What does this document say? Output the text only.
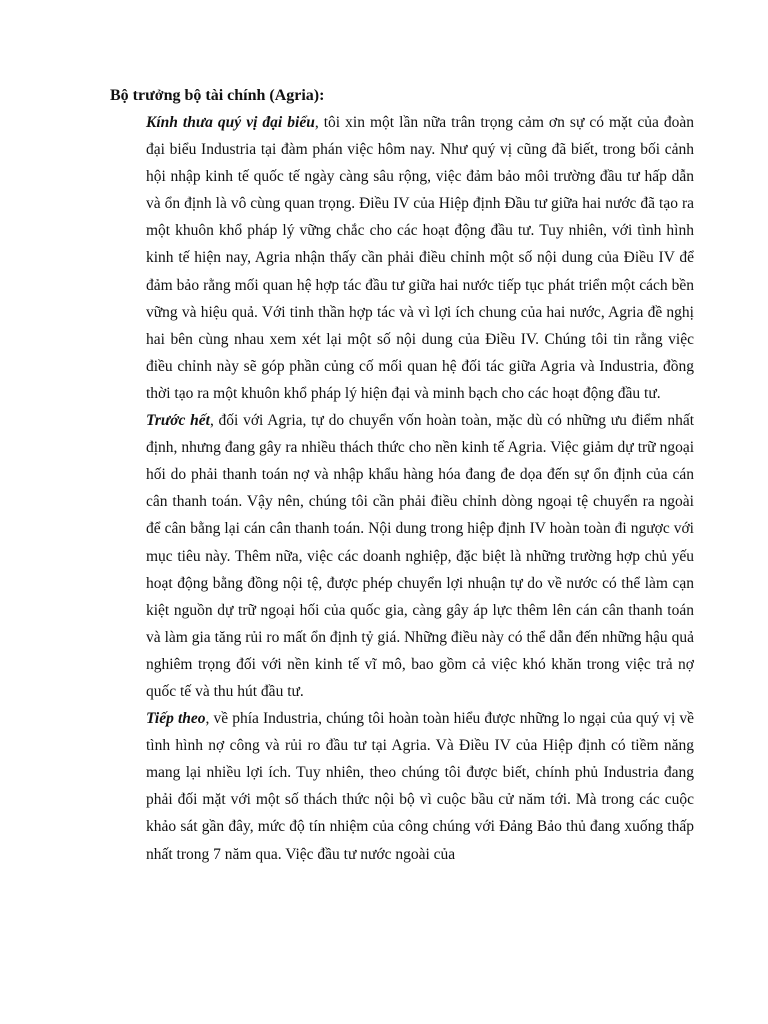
Bộ trưởng bộ tài chính (Agria):

Kính thưa quý vị đại biểu, tôi xin một lần nữa trân trọng cảm ơn sự có mặt của đoàn đại biểu Industria tại đàm phán việc hôm nay. Như quý vị cũng đã biết, trong bối cảnh hội nhập kinh tế quốc tế ngày càng sâu rộng, việc đảm bảo môi trường đầu tư hấp dẫn và ổn định là vô cùng quan trọng. Điều IV của Hiệp định Đầu tư giữa hai nước đã tạo ra một khuôn khổ pháp lý vững chắc cho các hoạt động đầu tư. Tuy nhiên, với tình hình kinh tế hiện nay, Agria nhận thấy cần phải điều chỉnh một số nội dung của Điều IV để đảm bảo rằng mối quan hệ hợp tác đầu tư giữa hai nước tiếp tục phát triển một cách bền vững và hiệu quả. Với tinh thần hợp tác và vì lợi ích chung của hai nước, Agria đề nghị hai bên cùng nhau xem xét lại một số nội dung của Điều IV. Chúng tôi tin rằng việc điều chỉnh này sẽ góp phần củng cố mối quan hệ đối tác giữa Agria và Industria, đồng thời tạo ra một khuôn khổ pháp lý hiện đại và minh bạch cho các hoạt động đầu tư.

Trước hết, đối với Agria, tự do chuyển vốn hoàn toàn, mặc dù có những ưu điểm nhất định, nhưng đang gây ra nhiều thách thức cho nền kinh tế Agria. Việc giảm dự trữ ngoại hối do phải thanh toán nợ và nhập khẩu hàng hóa đang đe dọa đến sự ổn định của cán cân thanh toán. Vậy nên, chúng tôi cần phải điều chỉnh dòng ngoại tệ chuyển ra ngoài để cân bằng lại cán cân thanh toán. Nội dung trong hiệp định IV hoàn toàn đi ngược với mục tiêu này. Thêm nữa, việc các doanh nghiệp, đặc biệt là những trường hợp chủ yếu hoạt động bằng đồng nội tệ, được phép chuyển lợi nhuận tự do về nước có thể làm cạn kiệt nguồn dự trữ ngoại hối của quốc gia, càng gây áp lực thêm lên cán cân thanh toán và làm gia tăng rủi ro mất ổn định tỷ giá. Những điều này có thể dẫn đến những hậu quả nghiêm trọng đối với nền kinh tế vĩ mô, bao gồm cả việc khó khăn trong việc trả nợ quốc tế và thu hút đầu tư.

Tiếp theo, về phía Industria, chúng tôi hoàn toàn hiểu được những lo ngại của quý vị về tình hình nợ công và rủi ro đầu tư tại Agria. Và Điều IV của Hiệp định có tiềm năng mang lại nhiều lợi ích. Tuy nhiên, theo chúng tôi được biết, chính phủ Industria đang phải đối mặt với một số thách thức nội bộ vì cuộc bầu cử năm tới. Mà trong các cuộc khảo sát gần đây, mức độ tín nhiệm của công chúng với Đảng Bảo thủ đang xuống thấp nhất trong 7 năm qua. Việc đầu tư nước ngoài của
